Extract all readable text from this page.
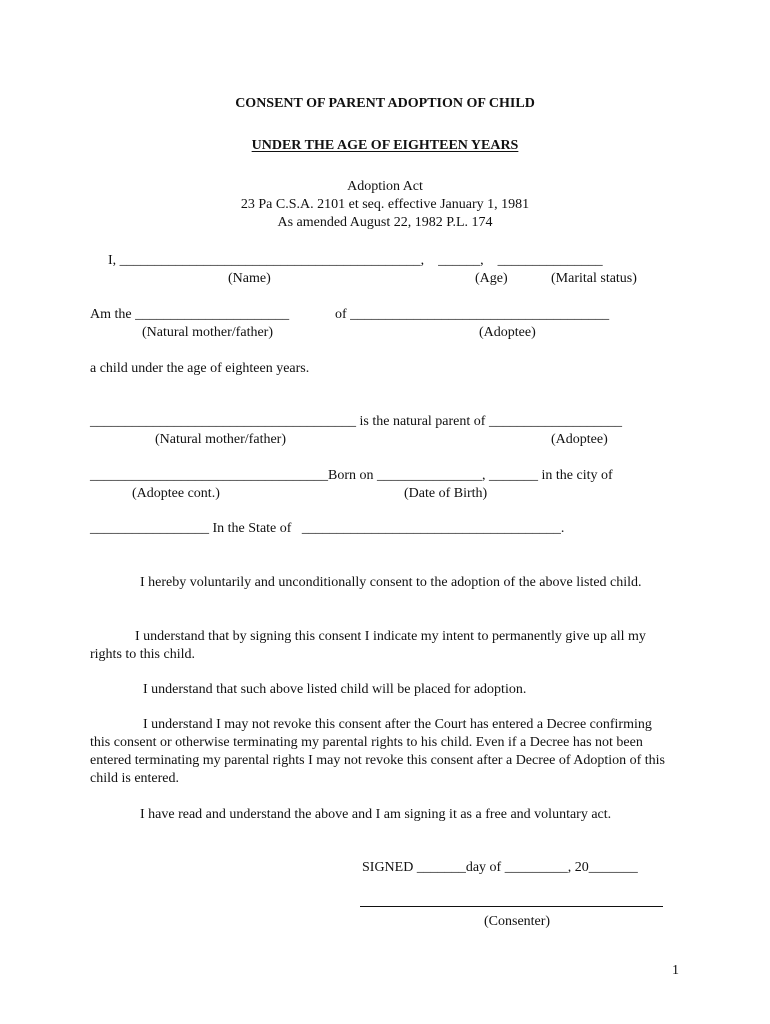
CONSENT OF PARENT ADOPTION OF CHILD
UNDER THE AGE OF EIGHTEEN YEARS
Adoption Act
23 Pa C.S.A. 2101 et seq. effective January 1, 1981
As amended August 22, 1982 P.L. 174
I, ___________________________________________,    ______,    _______________
(Name)	(Age)	(Marital status)
Am the ______________________	of _____________________________________
(Natural mother/father)	(Adoptee)
a child under the age of eighteen years.
______________________________________ is the natural parent of ___________________
(Natural mother/father)	(Adoptee)
__________________________________Born on _______________, _______ in the city of
(Adoptee cont.)	(Date of Birth)
_________________ In the State of   _____________________________________.
I hereby voluntarily and unconditionally consent to the adoption of the above listed child.
I understand that by signing this consent I indicate my intent to permanently give up all my rights to this child.
I understand that such above listed child will be placed for adoption.
I understand I may not revoke this consent after the Court has entered a Decree confirming this consent or otherwise terminating my parental rights to his child. Even if a Decree has not been entered terminating my parental rights I may not revoke this consent after a Decree of Adoption of this child is entered.
I have read and understand the above and I am signing it as a free and voluntary act.
SIGNED _______day of _________, 20_______
(Consenter)
1
